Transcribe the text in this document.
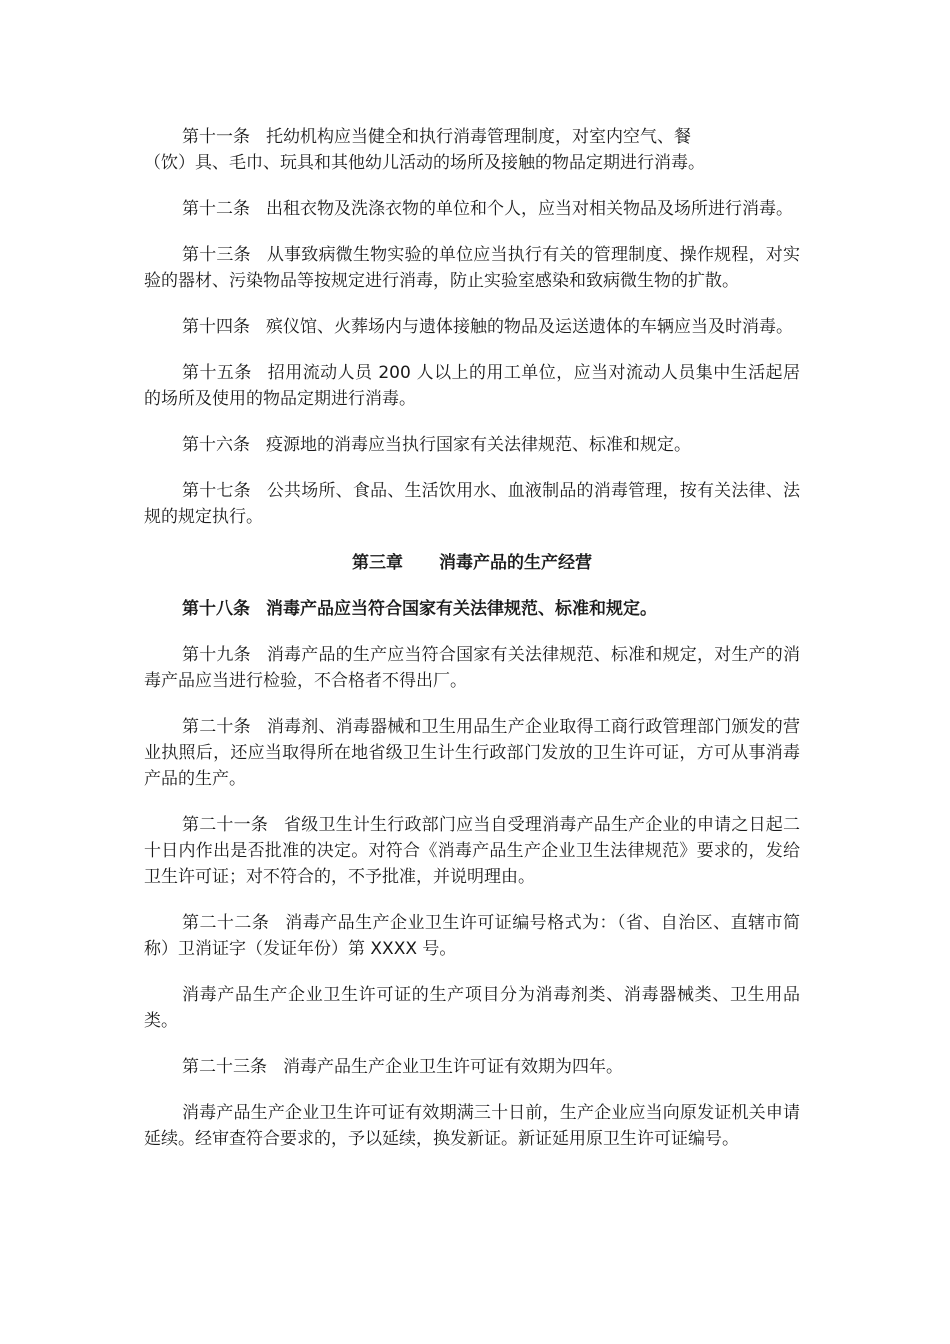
第十一条 托幼机构应当健全和执行消毒管理制度，对室内空气、餐
（饮）具、毛巾、玩具和其他幼儿活动的场所及接触的物品定期进行消毒。

第十二条 出租衣物及洗涤衣物的单位和个人，应当对相关物品及场所进行消毒。

第十三条 从事致病微生物实验的单位应当执行有关的管理制度、操作规程，对实验的器材、污染物品等按规定进行消毒，防止实验室感染和致病微生物的扩散。

第十四条 殡仪馆、火葬场内与遗体接触的物品及运送遗体的车辆应当及时消毒。

第十五条 招用流动人员 200 人以上的用工单位，应当对流动人员集中生活起居的场所及使用的物品定期进行消毒。

第十六条 疫源地的消毒应当执行国家有关法律规范、标准和规定。

第十七条 公共场所、食品、生活饮用水、血液制品的消毒管理，按有关法律、法规的规定执行。

第三章 消毒产品的生产经营

第十八条 消毒产品应当符合国家有关法律规范、标准和规定。

第十九条 消毒产品的生产应当符合国家有关法律规范、标准和规定，对生产的消毒产品应当进行检验，不合格者不得出厂。

第二十条 消毒剂、消毒器械和卫生用品生产企业取得工商行政管理部门颁发的营业执照后，还应当取得所在地省级卫生计生行政部门发放的卫生许可证，方可从事消毒产品的生产。

第二十一条 省级卫生计生行政部门应当自受理消毒产品生产企业的申请之日起二十日内作出是否批准的决定。对符合《消毒产品生产企业卫生法律规范》要求的，发给卫生许可证；对不符合的，不予批准，并说明理由。

第二十二条 消毒产品生产企业卫生许可证编号格式为：（省、自治区、直辖市简称）卫消证字（发证年份）第 XXXX 号。

消毒产品生产企业卫生许可证的生产项目分为消毒剂类、消毒器械类、卫生用品类。

第二十三条 消毒产品生产企业卫生许可证有效期为四年。

消毒产品生产企业卫生许可证有效期满三十日前，生产企业应当向原发证机关申请延续。经审查符合要求的，予以延续，换发新证。新证延用原卫生许可证编号。
